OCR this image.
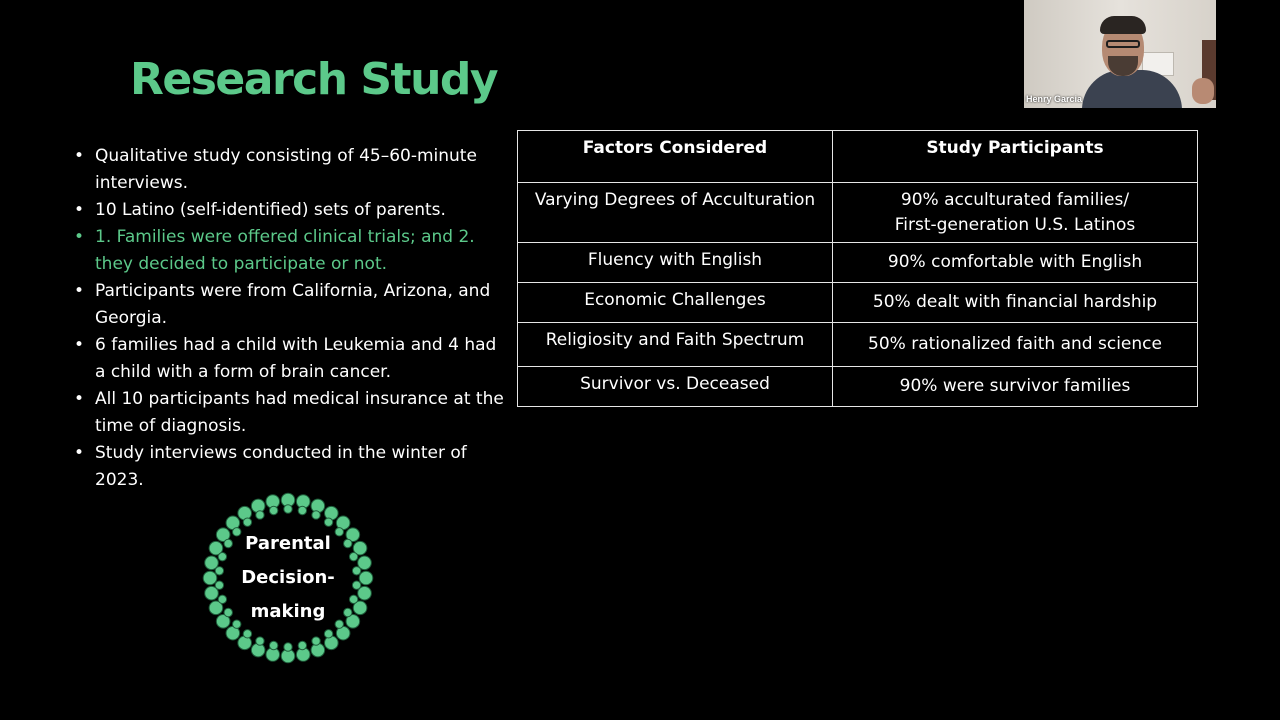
Research Study
• Qualitative study consisting of 45–60-minute interviews.
• 10 Latino (self-identified) sets of parents.
• 1. Families were offered clinical trials; and 2. they decided to participate or not.
• Participants were from California, Arizona, and Georgia.
• 6 families had a child with Leukemia and 4 had a child with a form of brain cancer.
• All 10 participants had medical insurance at the time of diagnosis.
• Study interviews conducted in the winter of 2023.
Parental
Decision-
making
Factors Considered	Study Participants
Varying Degrees of Acculturation	90% acculturated families/
First-generation U.S. Latinos
Fluency with English	90% comfortable with English
Economic Challenges	50% dealt with financial hardship
Religiosity and Faith Spectrum	50% rationalized faith and science
Survivor vs. Deceased	90% were survivor families
Henry Garcia
